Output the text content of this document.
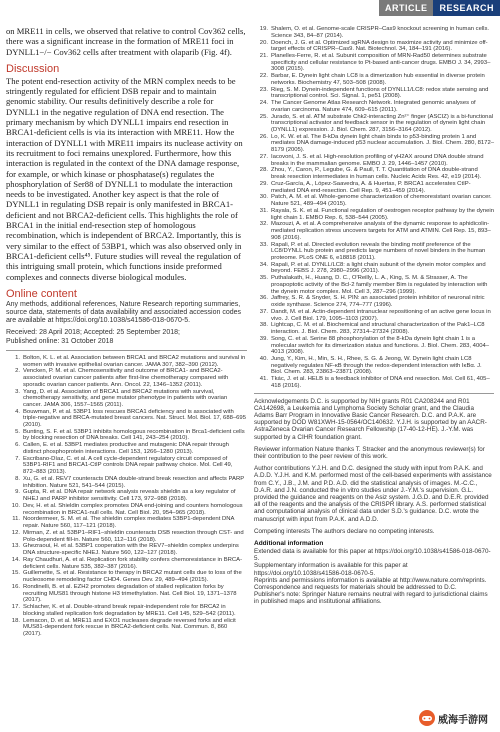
ARTICLE	RESEARCH

on MRE11 in cells, we observed that relative to control Cov362 cells, there was a significant increase in the formation of MRE11 foci in DYNLL1−/− Cov362 cells after treatment with olaparib (Fig. 4f).

Discussion

The potent end-resection activity of the MRN complex needs to be stringently regulated for efficient DSB repair and to maintain genomic stability. Our results definitively describe a role for DYNLL1 in the negative regulation of DNA end resection. The primary mechanism by which DYNLL1 impairs end resection in BRCA1-deficient cells is via its interaction with MRE11. How the interaction of DYNLL1 with MRE11 impairs its nuclease activity on its recruitment to foci remains unexplored. Furthermore, how this interaction is regulated in the context of the DNA damage response, for example, or which kinase or phosphatase(s) regulates the phosphorylation of Ser88 of DYNLL1 to modulate the interaction needs to be investigated. Another key aspect is that the role of DYNLL1 in regulating DSB repair is only manifested in BRCA1-deficient and not BRCA2-deficient cells. This highlights the role of BRCA1 in the initial end-resection step of homologous recombination, which is independent of BRCA2. Importantly, this is very similar to the effect of 53BP1, which was also observed only in BRCA1-deficient cells⁴⁵. Future studies will reveal the regulation of this intriguing small protein, which functions inside preformed complexes and connects diverse biological modules.

Online content

Any methods, additional references, Nature Research reporting summaries, source data, statements of data availability and associated accession codes are available at https://doi.org/10.1038/s41586-018-0670-5.

Received: 28 April 2018; Accepted: 25 September 2018;
Published online: 31 October 2018

1. Bolton, K. L. et al. Association between BRCA1 and BRCA2 mutations and survival in women with invasive epithelial ovarian cancer. JAMA 307, 382–390 (2012).
2. Vencken, P. M. et al. Chemosensitivity and outcome of BRCA1- and BRCA2-associated ovarian cancer patients after first-line chemotherapy compared with sporadic ovarian cancer patients. Ann. Oncol. 22, 1346–1352 (2011).
3. Yang, D. et al. Association of BRCA1 and BRCA2 mutations with survival, chemotherapy sensitivity, and gene mutator phenotype in patients with ovarian cancer. JAMA 306, 1557–1565 (2011).
4. Bouwman, P. et al. 53BP1 loss rescues BRCA1 deficiency and is associated with triple-negative and BRCA-mutated breast cancers. Nat. Struct. Mol. Biol. 17, 688–695 (2010).
5. Bunting, S. F. et al. 53BP1 inhibits homologous recombination in Brca1-deficient cells by blocking resection of DNA breaks. Cell 141, 243–254 (2010).
6. Callen, E. et al. 53BP1 mediates productive and mutagenic DNA repair through distinct phosphoprotein interactions. Cell 153, 1266–1280 (2013).
7. Escribano-Díaz, C. et al. A cell cycle-dependent regulatory circuit composed of 53BP1-RIF1 and BRCA1-CtIP controls DNA repair pathway choice. Mol. Cell 49, 872–883 (2013).
8. Xu, G. et al. REV7 counteracts DNA double-strand break resection and affects PARP inhibition. Nature 521, 541–544 (2015).
9. Gupta, R. et al. DNA repair network analysis reveals shieldin as a key regulator of NHEJ and PARP inhibitor sensitivity. Cell 173, 972–988 (2018).
10. Dev, H. et al. Shieldin complex promotes DNA end-joining and counters homologous recombination in BRCA1-null cells. Nat. Cell Biol. 20, 954–965 (2018).
11. Noordermeer, S. M. et al. The shieldin complex mediates 53BP1-dependent DNA repair. Nature 560, 117–121 (2018).
12. Mirman, Z. et al. 53BP1–RIF1–shieldin counteracts DSB resection through CST- and Polα-dependent fill-in. Nature 560, 112–116 (2018).
13. Ghezraoui, H. et al. 53BP1 cooperation with the REV7–shieldin complex underpins DNA structure-specific NHEJ. Nature 560, 122–127 (2018).
14. Ray Chaudhuri, A. et al. Replication fork stability confers chemoresistance in BRCA-deficient cells. Nature 535, 382–387 (2016).
15. Guillemette, S. et al. Resistance to therapy in BRCA2 mutant cells due to loss of the nucleosome remodeling factor CHD4. Genes Dev. 29, 489–494 (2015).
16. Rondinelli, B. et al. EZH2 promotes degradation of stalled replication forks by recruiting MUS81 through histone H3 trimethylation. Nat. Cell Biol. 19, 1371–1378 (2017).
17. Schlacher, K. et al. Double-strand break repair-independent role for BRCA2 in blocking stalled replication fork degradation by MRE11. Cell 145, 529–542 (2011).
18. Lemacon, D. et al. MRE11 and EXO1 nucleases degrade reversed forks and elicit MUS81-dependent fork rescue in BRCA2-deficient cells. Nat. Commun. 8, 860 (2017).
19. Shalem, O. et al. Genome-scale CRISPR–Cas9 knockout screening in human cells. Science 343, 84–87 (2014).
20. Doench, J. G. et al. Optimized sgRNA design to maximize activity and minimize off-target effects of CRISPR–Cas9. Nat. Biotechnol. 34, 184–191 (2016).
21. Planelles-Ferre, R. et al. Subunit composition of MRN-Rad50 determines substrate specificity and cellular resistance to Pt-based anti-cancer drugs. EMBO J. 34, 2993–3008 (2015).
22. Barbar, E. Dynein light chain LC8 is a dimerization hub essential in diverse protein networks. Biochemistry 47, 503–508 (2008).
23. Rieg, S. M. Dynein-independent functions of DYNLL1/LC8: redox state sensing and transcriptional control. Sci. Signal. 1, pe51 (2008).
24. The Cancer Genome Atlas Research Network. Integrated genomic analyses of ovarian carcinoma. Nature 474, 609–615 (2011).
25. Jurado, S. et al. ATM substrate Chk2-interacting Zn²⁺ finger (ASCIZ) is a bi-functional transcriptional activator and feedback sensor in the regulation of dynein light chain (DYNLL1) expression. J. Biol. Chem. 287, 3156–3164 (2012).
26. Lo, K. W. et al. The 8-kDa dynein light chain binds to p53-binding protein 1 and mediates DNA damage-induced p53 nuclear accumulation. J. Biol. Chem. 280, 8172–8179 (2005).
27. Iacovoni, J. S. et al. High-resolution profiling of γH2AX around DNA double strand breaks in the mammalian genome. EMBO J. 29, 1446–1457 (2010).
28. Zhou, Y., Caron, P., Legube, G. & Paull, T. T. Quantitation of DNA double-strand break resection intermediates in human cells. Nucleic Acids Res. 42, e19 (2014).
29. Cruz-García, A., López-Saavedra, A. & Huertas, P. BRCA1 accelerates CtIP-mediated DNA end-resection. Cell Rep. 9, 451–459 (2014).
30. Patch, A. M. et al. Whole-genome characterization of chemoresistant ovarian cancer. Nature 521, 489–494 (2015).
31. Rayala, S. K. et al. Functional regulation of oestrogen receptor pathway by the dynein light chain 1. EMBO Rep. 6, 538–544 (2005).
32. Mazouzi, A. et al. A comprehensive analysis of the dynamic response to aphidicolin-mediated replication stress uncovers targets for ATM and ATMIN. Cell Rep. 15, 893–908 (2016).
33. Rapali, P. et al. Directed evolution reveals the binding motif preference of the LC8/DYNLL hub protein and predicts large numbers of novel binders in the human proteome. PLoS ONE 6, e18818 (2011).
34. Rapali, P. et al. DYNLL/LC8: a light chain subunit of the dynein motor complex and beyond. FEBS J. 278, 2980–2996 (2011).
35. Puthalakath, H., Huang, D. C., O'Reilly, L. A., King, S. M. & Strasser, A. The proapoptotic activity of the Bcl-2 family member Bim is regulated by interaction with the dynein motor complex. Mol. Cell 3, 287–296 (1999).
36. Jaffrey, S. R. & Snyder, S. H. PIN: an associated protein inhibitor of neuronal nitric oxide synthase. Science 274, 774–777 (1996).
37. Dandt, M. et al. Actin-dependent intranuclear repositioning of an active gene locus in vivo. J. Cell Biol. 179, 1095–1103 (2007).
38. Lightcap, C. M. et al. Biochemical and structural characterization of the Pak1–LC8 interaction. J. Biol. Chem. 283, 27314–27324 (2008).
39. Song, C. et al. Serine 88 phosphorylation of the 8-kDa dynein light chain 1 is a molecular switch for its dimerization status and functions. J. Biol. Chem. 283, 4004–4013 (2008).
40. Jung, Y., Kim, H., Min, S. H., Rhee, S. G. & Jeong, W. Dynein light chain LC8 negatively regulates NF-κB through the redox-dependent interaction with IκBα. J. Biol. Chem. 283, 23863–23871 (2008).
41. Tkác, J. et al. HELB is a feedback inhibitor of DNA end resection. Mol. Cell 61, 405–418 (2016).

Acknowledgements D.C. is supported by NIH grants R01 CA208244 and R01 CA142698, a Leukemia and Lymphoma Society Scholar grant, and the Claudia Adams Barr Program in Innovative Basic Cancer Research. D.C. and P.A.K. are supported by DOD W81XWH-15-0564/OC140632. Y.J.H. is supported by an AACR-AstraZeneca Ovarian Cancer Research Fellowship (17-40-12-HE). J.-Y.M. was supported by a CIHR foundation grant.

Reviewer information Nature thanks T. Stracker and the anonymous reviewer(s) for their contribution to the peer review of this work.

Author contributions Y.J.H. and D.C. designed the study with input from P.A.K. and A.D.D. Y.J.H. and K.M. performed most of the cell-based experiments with assistance from C.Y., J.B., J.M. and P.D. A.D. did the statistical analysis of images. M.-C.C., D.A.R. and J.N. conducted the in vitro studies under J.-Y.M.'s supervision. G.L. provided the guidance and reagents on the Asiz system. J.G.D. and D.E.R. provided all of the reagents and the analysis of the CRISPR library. A.S. performed statistical and computational analysis of clinical data under S.D.'s guidance. D.C. wrote the manuscript with input from P.A.K. and A.D.D.

Competing interests The authors declare no competing interests.

Additional information

Extended data is available for this paper at https://doi.org/10.1038/s41586-018-0670-5.

Supplementary information is available for this paper at https://doi.org/10.1038/s41586-018-0670-5.

Reprints and permissions information is available at http://www.nature.com/reprints.

Correspondence and requests for materials should be addressed to D.C.

Publisher's note: Springer Nature remains neutral with regard to jurisdictional claims in published maps and institutional affiliations.

威海手游网
